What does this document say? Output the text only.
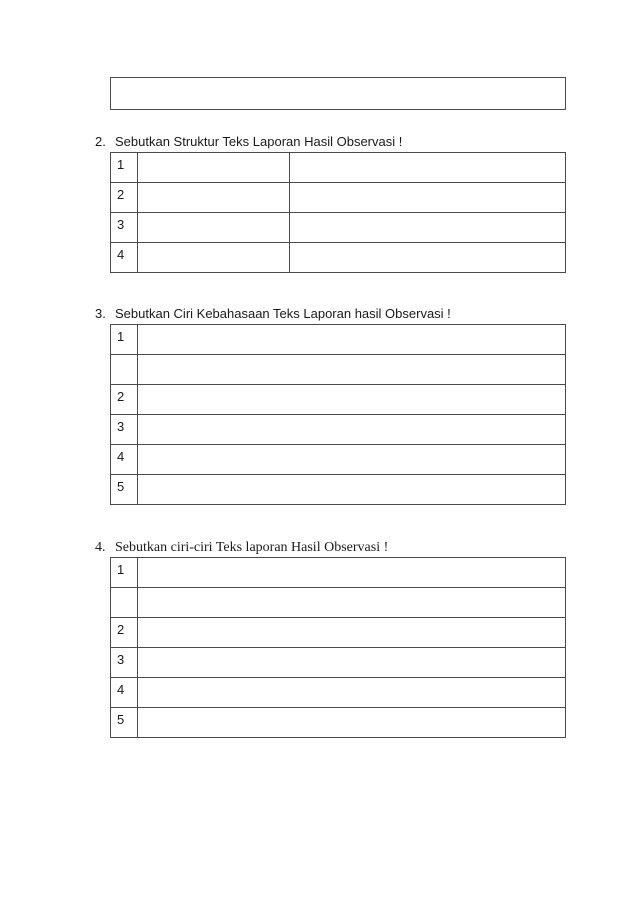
2. Sebutkan Struktur Teks Laporan Hasil Observasi !
1		
2		
3		
4		
3. Sebutkan Ciri Kebahasaan Teks Laporan hasil Observasi !
1	

2	
3	
4	
5	
4. Sebutkan ciri-ciri Teks laporan Hasil Observasi !
1	

2	
3	
4	
5	
